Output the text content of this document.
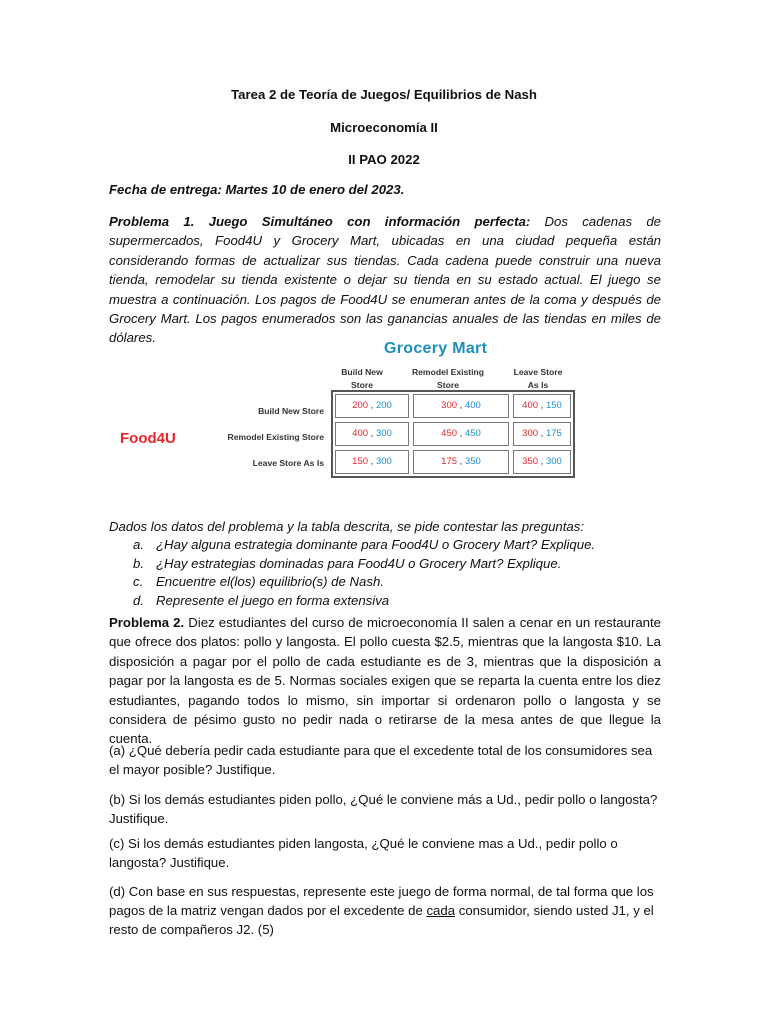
Tarea 2 de Teoría de Juegos/ Equilibrios de Nash
Microeconomía II
II PAO 2022
Fecha de entrega: Martes 10 de enero del 2023.

Problema 1. Juego Simultáneo con información perfecta: Dos cadenas de supermercados, Food4U y Grocery Mart, ubicadas en una ciudad pequeña están considerando formas de actualizar sus tiendas. Cada cadena puede construir una nueva tienda, remodelar su tienda existente o dejar su tienda en su estado actual. El juego se muestra a continuación. Los pagos de Food4U se enumeran antes de la coma y después de Grocery Mart. Los pagos enumerados son las ganancias anuales de las tiendas en miles de dólares.

Grocery Mart
Build New
Store
Remodel Existing
Store
Leave Store
As Is
Food4U
Build New Store
Remodel Existing Store
Leave Store As Is
200 , 200	300 , 400	400 , 150
400 , 300	450 , 450	300 , 175
150 , 300	175 , 350	350 , 300
Dados los datos del problema y la tabla descrita, se pide contestar las preguntas:
a. ¿Hay alguna estrategia dominante para Food4U o Grocery Mart? Explique.
b. ¿Hay estrategias dominadas para Food4U o Grocery Mart? Explique.
c. Encuentre el(los) equilibrio(s) de Nash.
d. Represente el juego en forma extensiva

Problema 2. Diez estudiantes del curso de microeconomía II salen a cenar en un restaurante que ofrece dos platos: pollo y langosta. El pollo cuesta $2.5, mientras que la langosta $10. La disposición a pagar por el pollo de cada estudiante es de 3, mientras que la disposición a pagar por la langosta es de 5. Normas sociales exigen que se reparta la cuenta entre los diez estudiantes, pagando todos lo mismo, sin importar si ordenaron pollo o langosta y se considera de pésimo gusto no pedir nada o retirarse de la mesa antes de que llegue la cuenta.

(a) ¿Qué debería pedir cada estudiante para que el excedente total de los consumidores sea el mayor posible? Justifique.
(b) Si los demás estudiantes piden pollo, ¿Qué le conviene más a Ud., pedir pollo o langosta? Justifique.
(c) Si los demás estudiantes piden langosta, ¿Qué le conviene mas a Ud., pedir pollo o langosta? Justifique.

(d) Con base en sus respuestas, represente este juego de forma normal, de tal forma que los pagos de la matriz vengan dados por el excedente de cada consumidor, siendo usted J1, y el resto de compañeros J2. (5)
